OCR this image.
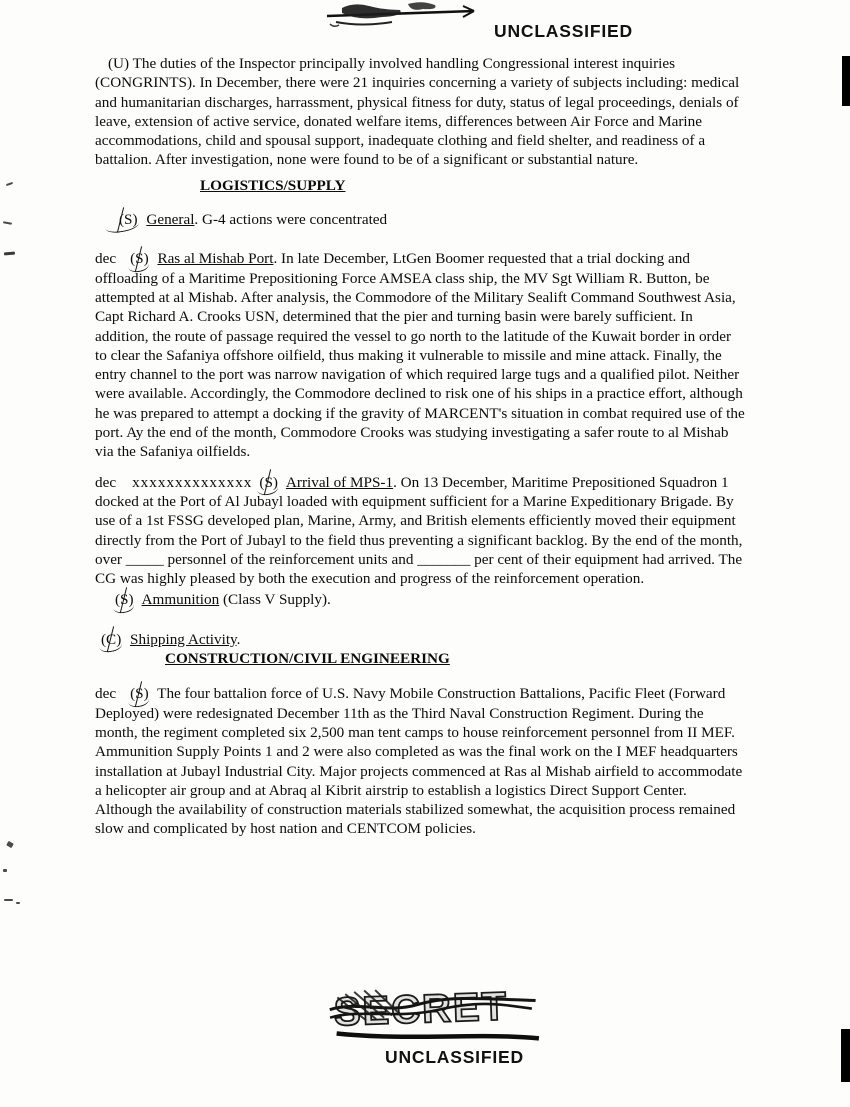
UNCLASSIFIED

(U) The duties of the Inspector principally involved handling Congressional interest inquiries (CONGRINTS). In December, there were 21 inquiries concerning a variety of subjects including: medical and humanitarian discharges, harrassment, physical fitness for duty, status of legal proceedings, denials of leave, extension of active service, donated welfare items, differences between Air Force and Marine accommodations, child and spousal support, inadequate clothing and field shelter, and readiness of a battalion. After investigation, none were found to be of a significant or substantial nature.

LOGISTICS/SUPPLY

(S) General. G-4 actions were concentrated

dec (S) Ras al Mishab Port. In late December, LtGen Boomer requested that a trial docking and offloading of a Maritime Prepositioning Force AMSEA class ship, the MV Sgt William R. Button, be attempted at al Mishab. After analysis, the Commodore of the Military Sealift Command Southwest Asia, Capt Richard A. Crooks USN, determined that the pier and turning basin were barely sufficient. In addition, the route of passage required the vessel to go north to the latitude of the Kuwait border in order to clear the Safaniya offshore oilfield, thus making it vulnerable to missile and mine attack. Finally, the entry channel to the port was narrow navigation of which required large tugs and a qualified pilot. Neither were available. Accordingly, the Commodore declined to risk one of his ships in a practice effort, although he was prepared to attempt a docking if the gravity of MARCENT's situation in combat required use of the port. Ay the end of the month, Commodore Crooks was studying investigating a safer route to al Mishab via the Safaniya oilfields.

dec xxxxxxxxxxxxxx (S) Arrival of MPS-1. On 13 December, Maritime Prepositioned Squadron 1 docked at the Port of Al Jubayl loaded with equipment sufficient for a Marine Expeditionary Brigade. By use of a 1st FSSG developed plan, Marine, Army, and British elements efficiently moved their equipment directly from the Port of Jubayl to the field thus preventing a significant backlog. By the end of the month, over _____ personnel of the reinforcement units and _______ per cent of their equipment had arrived. The CG was highly pleased by both the execution and progress of the reinforcement operation.

(S) Ammunition (Class V Supply).

(C) Shipping Activity.

CONSTRUCTION/CIVIL ENGINEERING

dec (S) The four battalion force of U.S. Navy Mobile Construction Battalions, Pacific Fleet (Forward Deployed) were redesignated December 11th as the Third Naval Construction Regiment. During the month, the regiment completed six 2,500 man tent camps to house reinforcement personnel from II MEF. Ammunition Supply Points 1 and 2 were also completed as was the final work on the I MEF headquarters installation at Jubayl Industrial City. Major projects commenced at Ras al Mishab airfield to accommodate a helicopter air group and at Abraq al Kibrit airstrip to establish a logistics Direct Support Center. Although the availability of construction materials stabilized somewhat, the acquisition process remained slow and complicated by host nation and CENTCOM policies.

SECRET
UNCLASSIFIED
